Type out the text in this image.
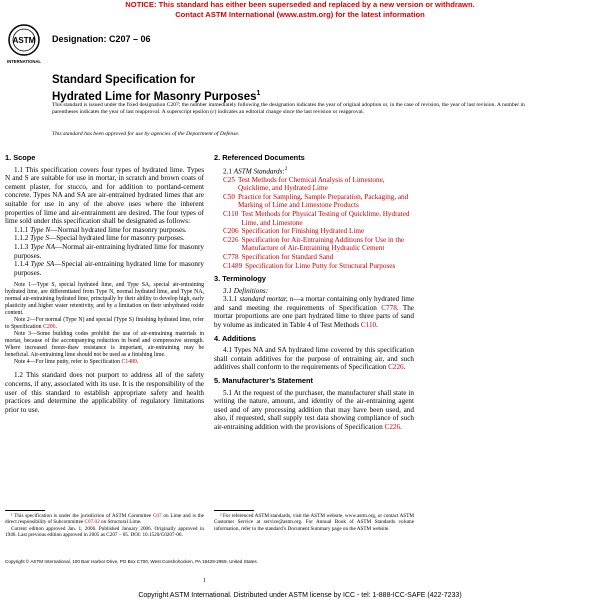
NOTICE: This standard has either been superseded and replaced by a new version or withdrawn.
Contact ASTM International (www.astm.org) for the latest information
ASTM
INTERNATIONAL
Designation: C207 – 06
Standard Specification for
Hydrated Lime for Masonry Purposes$^1$
This standard is issued under the fixed designation C207; the number immediately following the designation indicates the year of original adoption or, in the case of revision, the year of last revision. A number in parentheses indicates the year of last reapproval. A superscript epsilon (ε) indicates an editorial change since the last revision or reapproval.
This standard has been approved for use by agencies of the Department of Defense.
1. Scope

1.1 This specification covers four types of hydrated lime. Types N and S are suitable for use in mortar, in scratch and brown coats of cement plaster, for stucco, and for addition to portland-cement concrete. Types NA and SA are air-entrained hydrated limes that are suitable for use in any of the above uses where the inherent properties of lime and air-entrainment are desired. The four types of lime sold under this specification shall be designated as follows:

1.1.1 Type N—Normal hydrated lime for masonry purposes.

1.1.2 Type S—Special hydrated lime for masonry purposes.

1.1.3 Type NA—Normal air-entraining hydrated lime for masonry purposes.

1.1.4 Type SA—Special air-entraining hydrated lime for masonry purposes.

Note 1—Type S, special hydrated lime, and Type SA, special air-entraining hydrated lime, are differentiated from Type N, normal hydrated lime, and Type NA, normal air-entraining hydrated lime, principally by their ability to develop high, early plasticity and higher water retentivity, and by a limitation on their unhydrated oxide content.

Note 2—For normal (Type N) and special (Type S) finishing hydrated lime, refer to Specification C206.

Note 3—Some building codes prohibit the use of air-entraining materials in mortar, because of the accompanying reduction in bond and compressive strength. Where increased freeze-thaw resistance is important, air-entraining may be beneficial. Air-entraining lime should not be used as a finishing lime.

Note 4—For lime putty, refer to Specification C1489.

1.2 This standard does not purport to address all of the safety concerns, if any, associated with its use. It is the responsibility of the user of this standard to establish appropriate safety and health practices and determine the applicability of regulatory limitations prior to use.

¹ This specification is under the jurisdiction of ASTM Committee C07 on Lime and is the direct responsibility of Subcommittee C07.02 on Structural Lime.

Current edition approved Jan. 1, 2006. Published January 2006. Originally approved in 1946. Last previous edition approved in 2005 as C207 – 05. DOI: 10.1520/C0207-06.

2. Referenced Documents

2.1 ASTM Standards:$^2$

C25 Test Methods for Chemical Analysis of Limestone, Quicklime, and Hydrated Lime
C50 Practice for Sampling, Sample Preparation, Packaging, and Marking of Lime and Limestone Products
C110 Test Methods for Physical Testing of Quicklime, Hydrated Lime, and Limestone
C206 Specification for Finishing Hydrated Lime
C226 Specification for Air-Entraining Additions for Use in the Manufacture of Air-Entraining Hydraulic Cement
C778 Specification for Standard Sand
C1489 Specification for Lime Putty for Structural Purposes
3. Terminology

3.1 Definitions:

3.1.1 standard mortar, n—a mortar containing only hydrated lime and sand meeting the requirements of Specification C778. The mortar proportions are one part hydrated lime to three parts of sand by volume as indicated in Table 4 of Test Methods C110.

4. Additions

4.1 Types NA and SA hydrated lime covered by this specification shall contain additives for the purpose of entraining air, and such additives shall conform to the requirements of Specification C226.

5. Manufacturer’s Statement

5.1 At the request of the purchaser, the manufacturer shall state in writing the nature, amount, and identity of the air-entraining agent used and of any processing addition that may have been used, and also, if requested, shall supply test data showing compliance of such air-entraining addition with the provisions of Specification C226.

² For referenced ASTM standards, visit the ASTM website, www.astm.org, or contact ASTM Customer Service at service@astm.org. For Annual Book of ASTM Standards volume information, refer to the standard’s Document Summary page on the ASTM website.
Copyright © ASTM International, 100 Barr Harbor Drive, PO Box C700, West Conshohocken, PA 19428-2959, United States.
1
Copyright ASTM International. Distributed under ASTM license by ICC - tel: 1-888-ICC-SAFE (422-7233)
